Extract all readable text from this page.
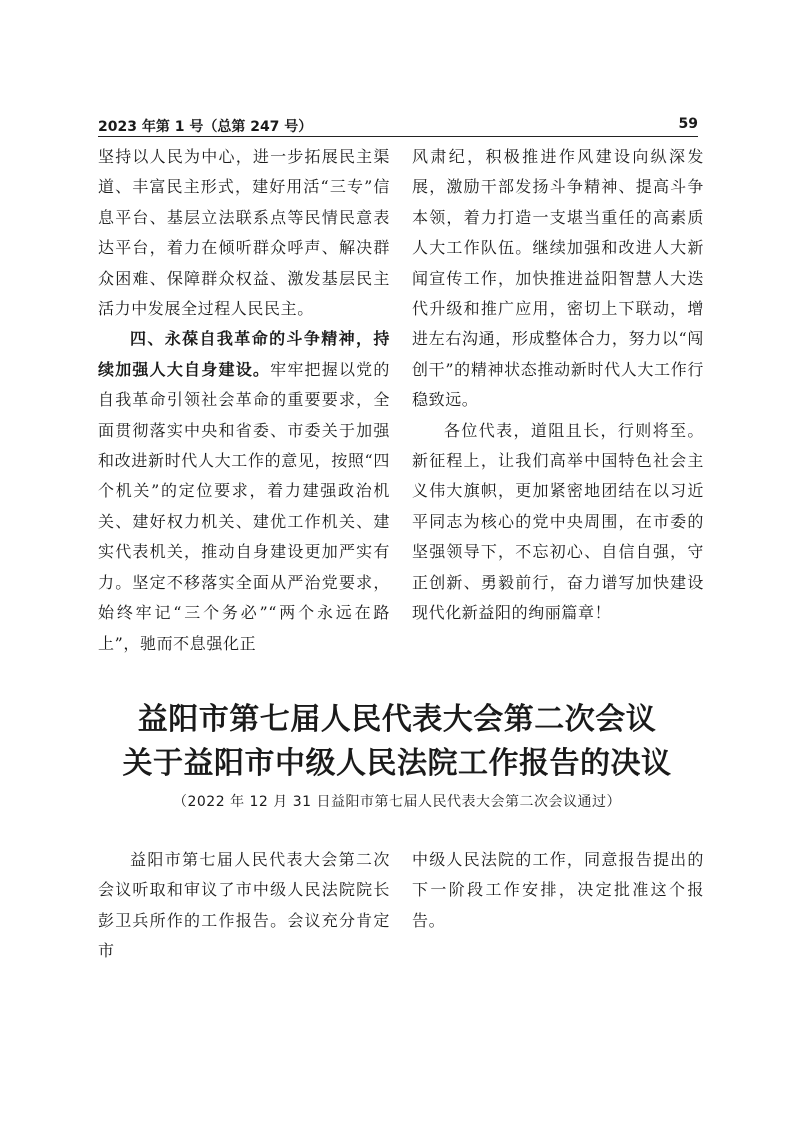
2023 年第 1 号（总第 247 号）	59

坚持以人民为中心，进一步拓展民主渠道、丰富民主形式，建好用活“三专”信息平台、基层立法联系点等民情民意表达平台，着力在倾听群众呼声、解决群众困难、保障群众权益、激发基层民主活力中发展全过程人民民主。

四、永葆自我革命的斗争精神，持续加强人大自身建设。牢牢把握以党的自我革命引领社会革命的重要要求，全面贯彻落实中央和省委、市委关于加强和改进新时代人大工作的意见，按照“四个机关”的定位要求，着力建强政治机关、建好权力机关、建优工作机关、建实代表机关，推动自身建设更加严实有力。坚定不移落实全面从严治党要求，始终牢记“三个务必”“两个永远在路上”，驰而不息强化正

风肃纪，积极推进作风建设向纵深发展，激励干部发扬斗争精神、提高斗争本领，着力打造一支堪当重任的高素质人大工作队伍。继续加强和改进人大新闻宣传工作，加快推进益阳智慧人大迭代升级和推广应用，密切上下联动，增进左右沟通，形成整体合力，努力以“闯创干”的精神状态推动新时代人大工作行稳致远。

各位代表，道阻且长，行则将至。新征程上，让我们高举中国特色社会主义伟大旗帜，更加紧密地团结在以习近平同志为核心的党中央周围，在市委的坚强领导下，不忘初心、自信自强，守正创新、勇毅前行，奋力谱写加快建设现代化新益阳的绚丽篇章！

益阳市第七届人民代表大会第二次会议
关于益阳市中级人民法院工作报告的决议
（2022 年 12 月 31 日益阳市第七届人民代表大会第二次会议通过）

益阳市第七届人民代表大会第二次会议听取和审议了市中级人民法院院长彭卫兵所作的工作报告。会议充分肯定市

中级人民法院的工作，同意报告提出的下一阶段工作安排，决定批准这个报告。
